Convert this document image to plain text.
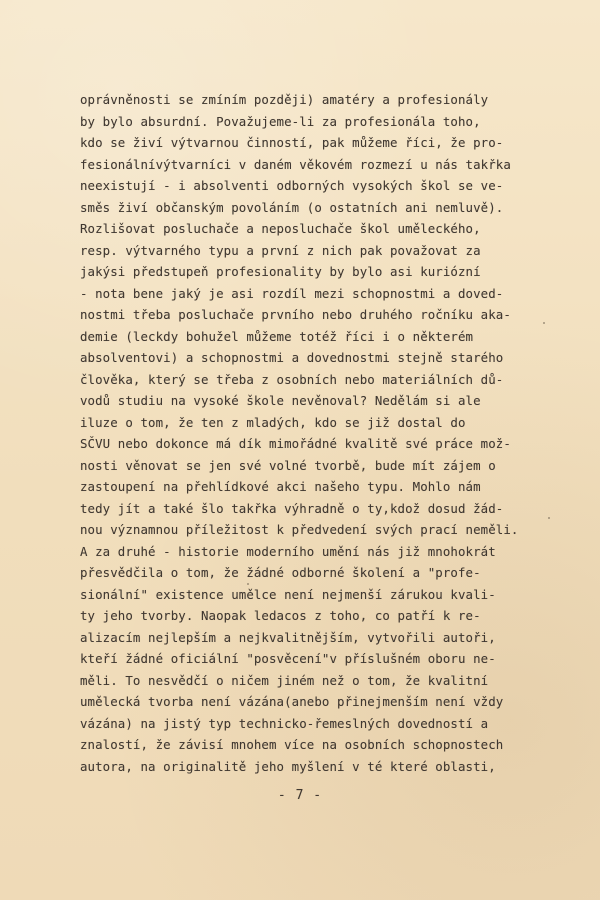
oprávněnosti se zmíním později) amatéry a profesionály
by bylo absurdní. Považujeme-li za profesionála toho,
kdo se živí výtvarnou činností, pak můžeme říci, že pro-
fesionálnívýtvarníci v daném věkovém rozmezí u nás takřka
neexistují - i absolventi odborných vysokých škol se ve-
směs živí občanským povoláním (o ostatních ani nemluvě).
Rozlišovat posluchače a neposluchače škol uměleckého,
resp. výtvarného typu a první z nich pak považovat za
jakýsi předstupeň profesionality by bylo asi kuriózní
- nota bene jaký je asi rozdíl mezi schopnostmi a doved-
nostmi třeba posluchače prvního nebo druhého ročníku aka-
demie (leckdy bohužel můžeme totéž říci i o některém
absolventovi) a schopnostmi a dovednostmi stejně starého
člověka, který se třeba z osobních nebo materiálních dů-
vodů studiu na vysoké škole nevěnoval? Nedělám si ale
iluze o tom, že ten z mladých, kdo se již dostal do
SČVU nebo dokonce má dík mimořádné kvalitě své práce mož-
nosti věnovat se jen své volné tvorbě, bude mít zájem o
zastoupení na přehlídkové akci našeho typu. Mohlo nám
tedy jít a také šlo takřka výhradně o ty,kdož dosud žád-
nou významnou příležitost k předvedení svých prací neměli.
A za druhé - historie moderního umění nás již mnohokrát
přesvědčila o tom, že žádné odborné školení a "profe-
sionální" existence umělce není nejmenší zárukou kvali-
ty jeho tvorby. Naopak ledacos z toho, co patří k re-
alizacím nejlepším a nejkvalitnějším, vytvořili autoři,
kteří žádné oficiální "posvěcení"v příslušném oboru ne-
měli. To nesvědčí o ničem jiném než o tom, že kvalitní
umělecká tvorba není vázána(anebo přinejmenším není vždy
vázána) na jistý typ technicko-řemeslných dovedností a
znalostí, že závisí mnohem více na osobních schopnostech
autora, na originalitě jeho myšlení v té které oblasti,
- 7 -
